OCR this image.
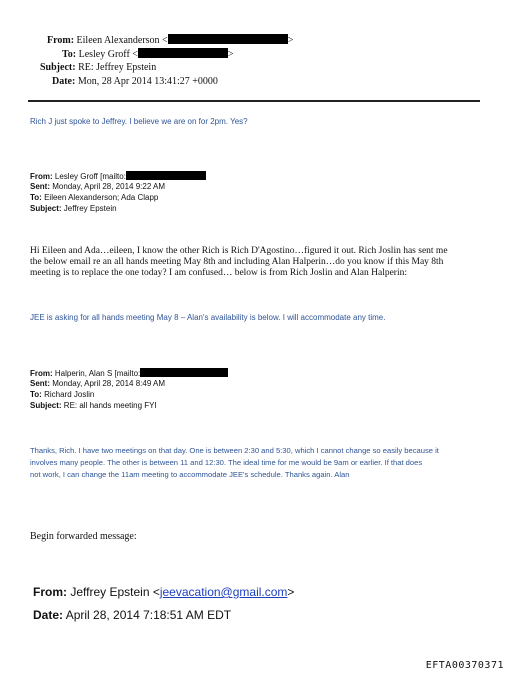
From: Eileen Alexanderson <	>
To: Lesley Groff <	>
Subject: RE: Jeffrey Epstein
Date: Mon, 28 Apr 2014 13:41:27 +0000
Rich J just spoke to Jeffrey. I believe we are on for 2pm. Yes?
From: Lesley Groff [mailto:
Sent: Monday, April 28, 2014 9:22 AM
To: Eileen Alexanderson; Ada Clapp
Subject: Jeffrey Epstein

Hi Eileen and Ada…eileen, I know the other Rich is Rich D'Agostino…figured it out. Rich Joslin has sent me

the below email re an all hands meeting May 8th and including Alan Halperin…do you know if this May 8th

meeting is to replace the one today? I am confused… below is from Rich Joslin and Alan Halperin:

JEE is asking for all hands meeting May 8 – Alan's availability is below. I will accommodate any time.
From: Halperin, Alan S [mailto:
Sent: Monday, April 28, 2014 8:49 AM
To: Richard Joslin
Subject: RE: all hands meeting FYI

Thanks, Rich. I have two meetings on that day. One is between 2:30 and 5:30, which I cannot change so easily because it

involves many people. The other is between 11 and 12:30. The ideal time for me would be 9am or earlier. If that does

not work, I can change the 11am meeting to accommodate JEE's schedule. Thanks again. Alan

Begin forwarded message:
From: Jeffrey Epstein <jeevacation@gmail.com>
Date: April 28, 2014 7:18:51 AM EDT
EFTA00370371
